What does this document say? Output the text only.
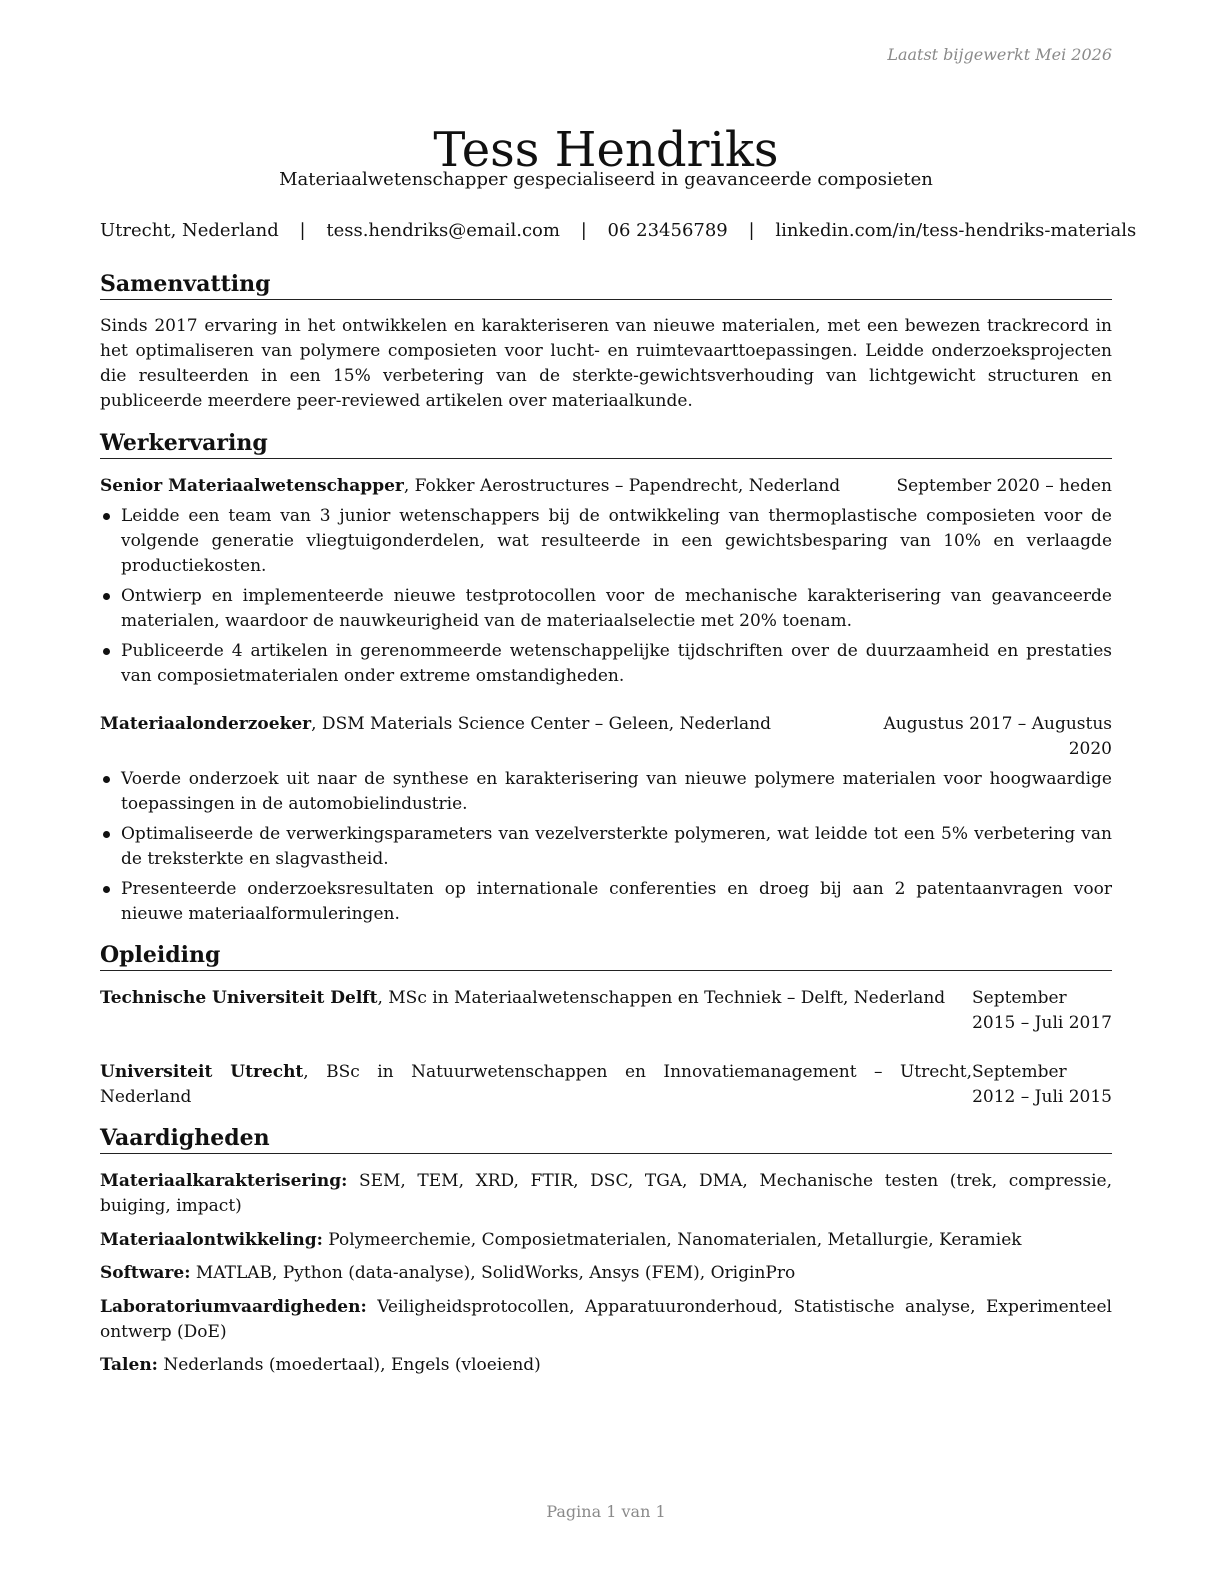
Laatst bijgewerkt Mei 2026
Tess Hendriks
Materiaalwetenschapper gespecialiseerd in geavanceerde composieten
Utrecht, Nederland | tess.hendriks@email.com | 06 23456789 | linkedin.com/in/tess-hendriks-materials
Samenvatting
Sinds 2017 ervaring in het ontwikkelen en karakteriseren van nieuwe materialen, met een bewezen trackrecord in het optimaliseren van polymere composieten voor lucht- en ruimtevaarttoepassingen. Leidde onderzoeksprojecten die resulteerden in een 15% verbetering van de sterkte-gewichtsverhouding van lichtgewicht structuren en publiceerde meerdere peer-reviewed artikelen over materiaalkunde.
Werkervaring
Senior Materiaalwetenschapper, Fokker Aerostructures – Papendrecht, Nederland	September 2020 – heden
Leidde een team van 3 junior wetenschappers bij de ontwikkeling van thermoplastische composieten voor de volgende generatie vliegtuigonderdelen, wat resulteerde in een gewichtsbesparing van 10% en verlaagde productiekosten.
Ontwierp en implementeerde nieuwe testprotocollen voor de mechanische karakterisering van geavanceerde materialen, waardoor de nauwkeurigheid van de materiaalselectie met 20% toenam.
Publiceerde 4 artikelen in gerenommeerde wetenschappelijke tijdschriften over de duurzaamheid en prestaties van composietmaterialen onder extreme omstandigheden.
Materiaalonderzoeker, DSM Materials Science Center – Geleen, Nederland	Augustus 2017 – Augustus 2020
Voerde onderzoek uit naar de synthese en karakterisering van nieuwe polymere materialen voor hoogwaardige toepassingen in de automobielindustrie.
Optimaliseerde de verwerkingsparameters van vezelversterkte polymeren, wat leidde tot een 5% verbetering van de treksterkte en slagvastheid.
Presenteerde onderzoeksresultaten op internationale conferenties en droeg bij aan 2 patentaanvragen voor nieuwe materiaalformuleringen.
Opleiding
Technische Universiteit Delft, MSc in Materiaalwetenschappen en Techniek – Delft, Nederland	September 2015 – Juli 2017
Universiteit Utrecht, BSc in Natuurwetenschappen en Innovatiemanagement – Utrecht, Nederland
September 2012 – Juli 2015
Vaardigheden
Materiaalkarakterisering: SEM, TEM, XRD, FTIR, DSC, TGA, DMA, Mechanische testen (trek, compressie, buiging, impact)
Materiaalontwikkeling: Polymeerchemie, Composietmaterialen, Nanomaterialen, Metallurgie, Keramiek
Software: MATLAB, Python (data-analyse), SolidWorks, Ansys (FEM), OriginPro
Laboratoriumvaardigheden: Veiligheidsprotocollen, Apparatuuronderhoud, Statistische analyse, Experimenteel ontwerp (DoE)
Talen: Nederlands (moedertaal), Engels (vloeiend)
Pagina 1 van 1
